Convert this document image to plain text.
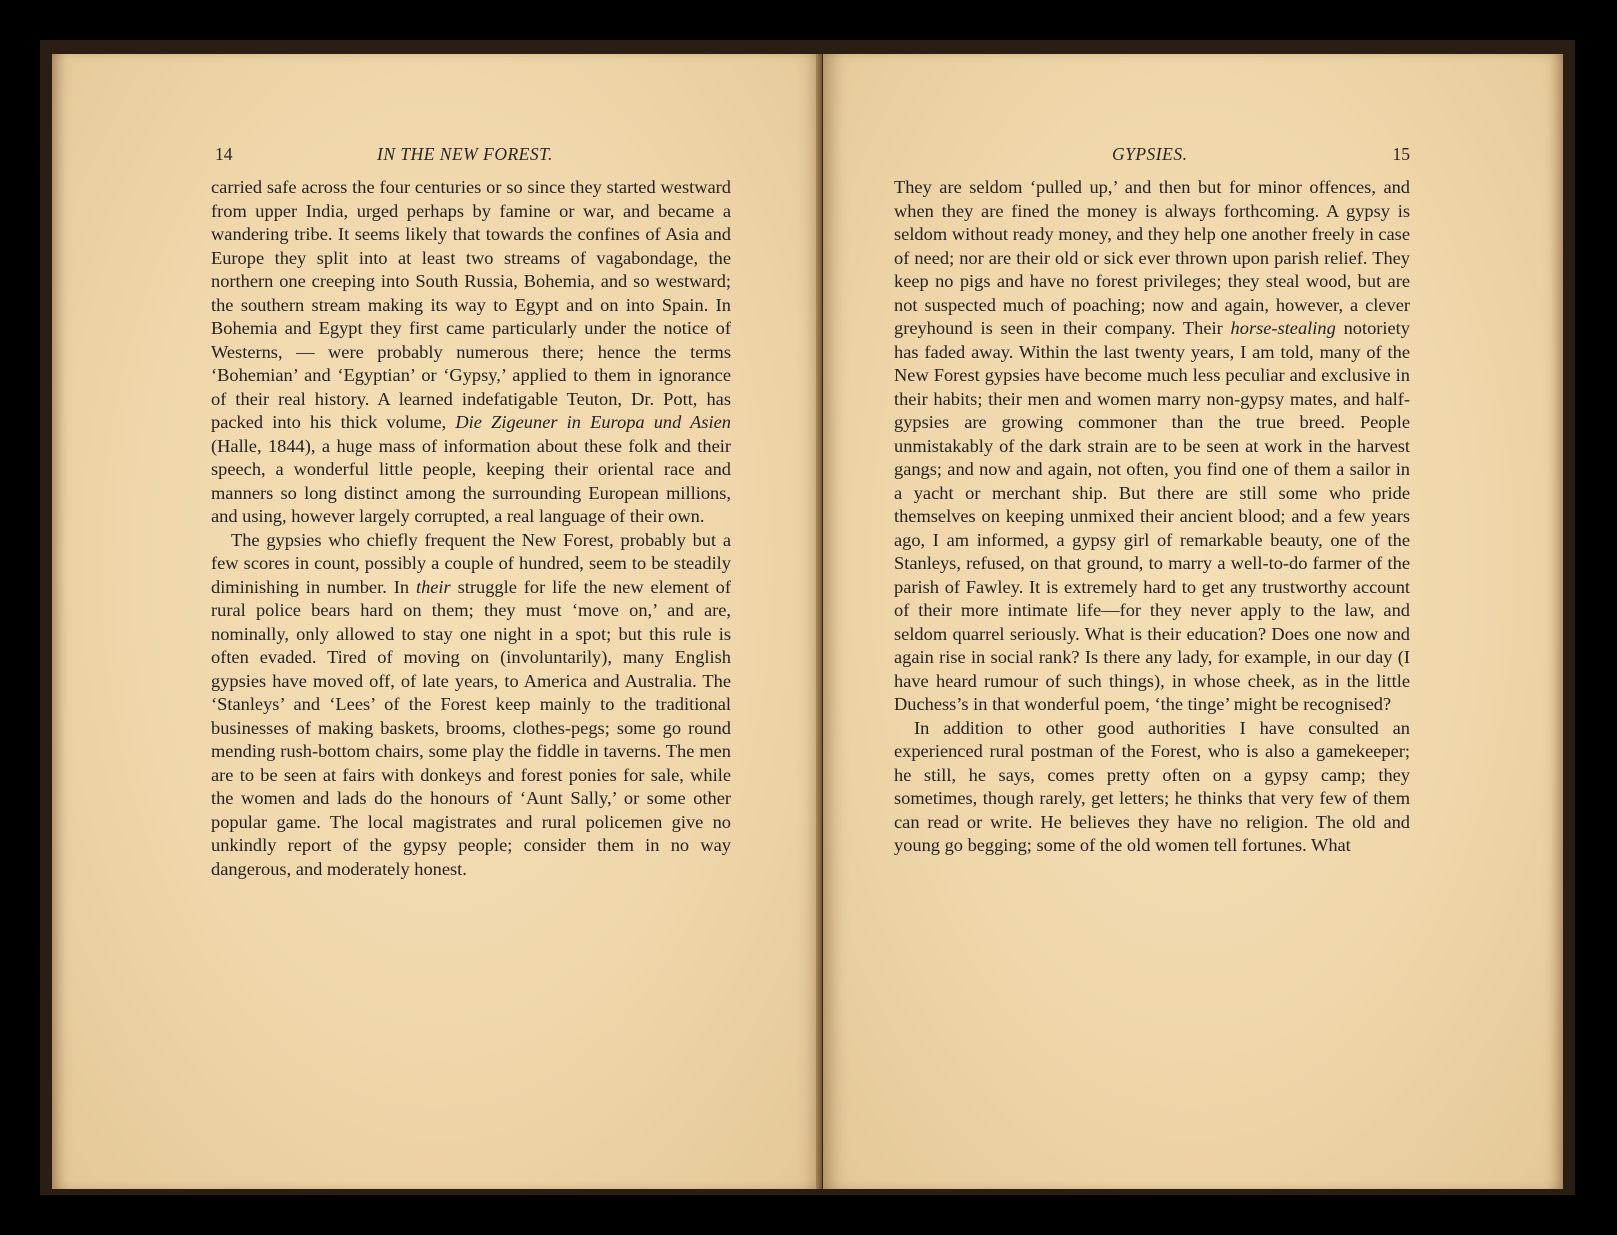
14	IN THE NEW FOREST.

carried safe across the four centuries or so since they started westward from upper India, urged perhaps by famine or war, and became a wandering tribe. It seems likely that towards the confines of Asia and Europe they split into at least two streams of vagabondage, the northern one creeping into South Russia, Bohemia, and so westward; the southern stream making its way to Egypt and on into Spain. In Bohemia and Egypt they first came particularly under the notice of Westerns, — were probably numerous there; hence the terms ‘Bohemian’ and ‘Egyptian’ or ‘Gypsy,’ applied to them in ignorance of their real history. A learned indefatigable Teuton, Dr. Pott, has packed into his thick volume, Die Zigeuner in Europa und Asien (Halle, 1844), a huge mass of information about these folk and their speech, a wonderful little people, keeping their oriental race and manners so long distinct among the surrounding European millions, and using, however largely corrupted, a real language of their own.

The gypsies who chiefly frequent the New Forest, probably but a few scores in count, possibly a couple of hundred, seem to be steadily diminishing in number. In their struggle for life the new element of rural police bears hard on them; they must ‘move on,’ and are, nominally, only allowed to stay one night in a spot; but this rule is often evaded. Tired of moving on (involuntarily), many English gypsies have moved off, of late years, to America and Australia. The ‘Stanleys’ and ‘Lees’ of the Forest keep mainly to the traditional businesses of making baskets, brooms, clothes-pegs; some go round mending rush-bottom chairs, some play the fiddle in taverns. The men are to be seen at fairs with donkeys and forest ponies for sale, while the women and lads do the honours of ‘Aunt Sally,’ or some other popular game. The local magistrates and rural policemen give no unkindly report of the gypsy people; consider them in no way dangerous, and moderately honest.

GYPSIES.	15

They are seldom ‘pulled up,’ and then but for minor offences, and when they are fined the money is always forthcoming. A gypsy is seldom without ready money, and they help one another freely in case of need; nor are their old or sick ever thrown upon parish relief. They keep no pigs and have no forest privileges; they steal wood, but are not suspected much of poaching; now and again, however, a clever greyhound is seen in their company. Their horse-stealing notoriety has faded away. Within the last twenty years, I am told, many of the New Forest gypsies have become much less peculiar and exclusive in their habits; their men and women marry non-gypsy mates, and half-gypsies are growing commoner than the true breed. People unmistakably of the dark strain are to be seen at work in the harvest gangs; and now and again, not often, you find one of them a sailor in a yacht or merchant ship. But there are still some who pride themselves on keeping unmixed their ancient blood; and a few years ago, I am informed, a gypsy girl of remarkable beauty, one of the Stanleys, refused, on that ground, to marry a well-to-do farmer of the parish of Fawley. It is extremely hard to get any trustworthy account of their more intimate life—for they never apply to the law, and seldom quarrel seriously. What is their education? Does one now and again rise in social rank? Is there any lady, for example, in our day (I have heard rumour of such things), in whose cheek, as in the little Duchess’s in that wonderful poem, ‘the tinge’ might be recognised?

In addition to other good authorities I have consulted an experienced rural postman of the Forest, who is also a gamekeeper; he still, he says, comes pretty often on a gypsy camp; they sometimes, though rarely, get letters; he thinks that very few of them can read or write. He believes they have no religion. The old and young go begging; some of the old women tell fortunes. What
